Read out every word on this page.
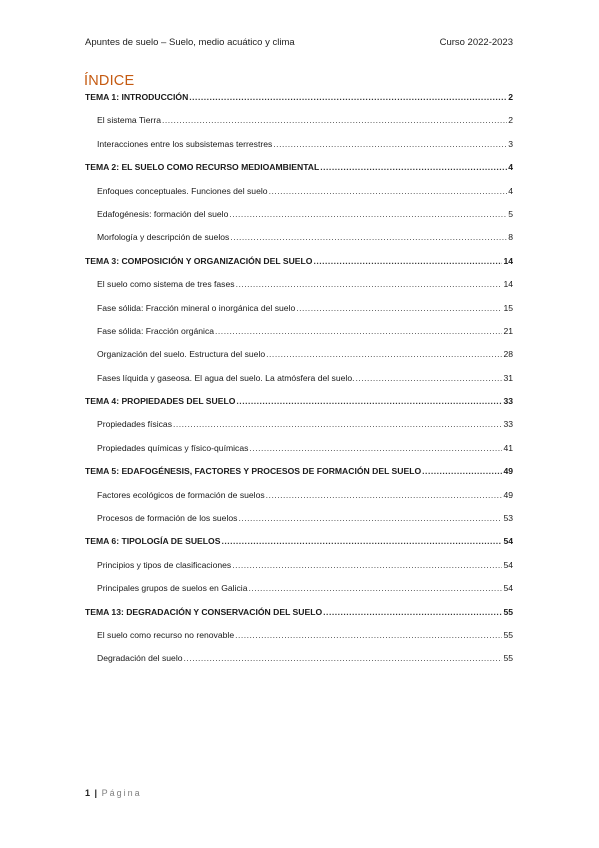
Apuntes de suelo – Suelo, medio acuático y clima	Curso 2022-2023
ÍNDICE
TEMA 1: INTRODUCCIÓN .....	2
El sistema Tierra .....	2
Interacciones entre los subsistemas terrestres .....	3
TEMA 2: EL SUELO COMO RECURSO MEDIOAMBIENTAL .....	4
Enfoques conceptuales. Funciones del suelo .....	4
Edafogénesis: formación del suelo .....	5
Morfología y descripción de suelos .....	8
TEMA 3: COMPOSICIÓN Y ORGANIZACIÓN DEL SUELO .....	14
El suelo como sistema de tres fases .....	14
Fase sólida: Fracción mineral o inorgánica del suelo .....	15
Fase sólida: Fracción orgánica .....	21
Organización del suelo. Estructura del suelo .....	28
Fases líquida y gaseosa. El agua del suelo. La atmósfera del suelo. .....	31
TEMA 4: PROPIEDADES DEL SUELO .....	33
Propiedades físicas .....	33
Propiedades químicas y físico-químicas .....	41
TEMA 5: EDAFOGÉNESIS, FACTORES Y PROCESOS DE FORMACIÓN DEL SUELO .....	49
Factores ecológicos de formación de suelos .....	49
Procesos de formación de los suelos .....	53
TEMA 6: TIPOLOGÍA DE SUELOS .....	54
Principios y tipos de clasificaciones .....	54
Principales grupos de suelos en Galicia .....	54
TEMA 13: DEGRADACIÓN Y CONSERVACIÓN DEL SUELO .....	55
El suelo como recurso no renovable .....	55
Degradación del suelo .....	55
1 | Página
